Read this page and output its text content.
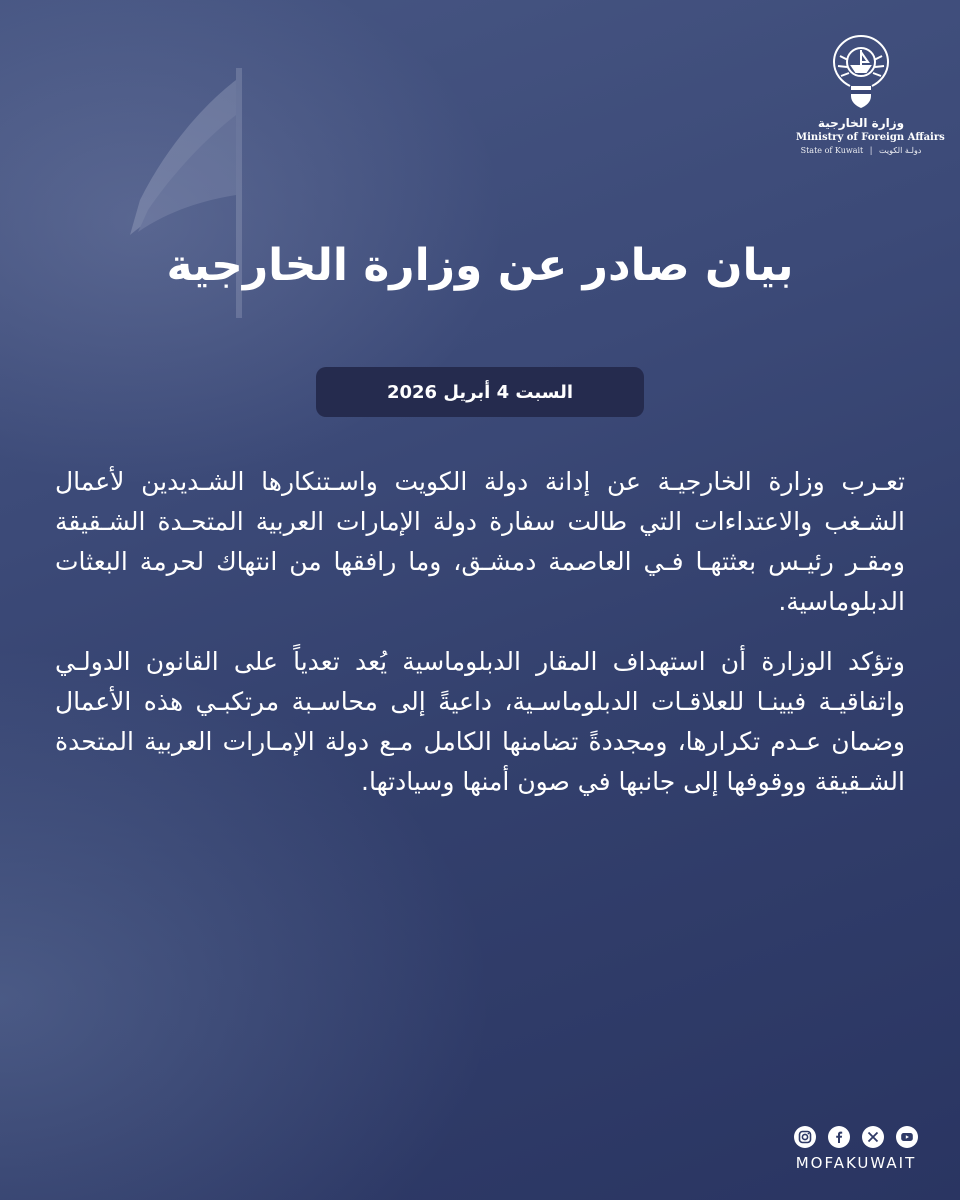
وزارة الخارجية
Ministry of Foreign Affairs
State of Kuwait | دولـة الكويت
بيان صادر عن وزارة الخارجية
السبت 4 أبريل 2026

تعـرب وزارة الخارجيـة عن إدانة دولة الكويت واسـتنكارها الشـديدين لأعمال الشـغب والاعتداءات التي طالت سفارة دولة الإمارات العربية المتحـدة الشـقيقة ومقـر رئيـس بعثتهـا فـي العاصمة دمشـق، وما رافقها من انتهاك لحرمة البعثات الدبلوماسية.

وتؤكد الوزارة أن استهداف المقار الدبلوماسية يُعد تعدياً على القانون الدولـي واتفاقيـة فيينـا للعلاقـات الدبلوماسـية، داعيةً إلى محاسـبة مرتكبـي هذه الأعمال وضمان عـدم تكرارها، ومجددةً تضامنها الكامل مـع دولة الإمـارات العربية المتحدة الشـقيقة ووقوفها إلى جانبها في صون أمنها وسيادتها.

MOFAKUWAIT
